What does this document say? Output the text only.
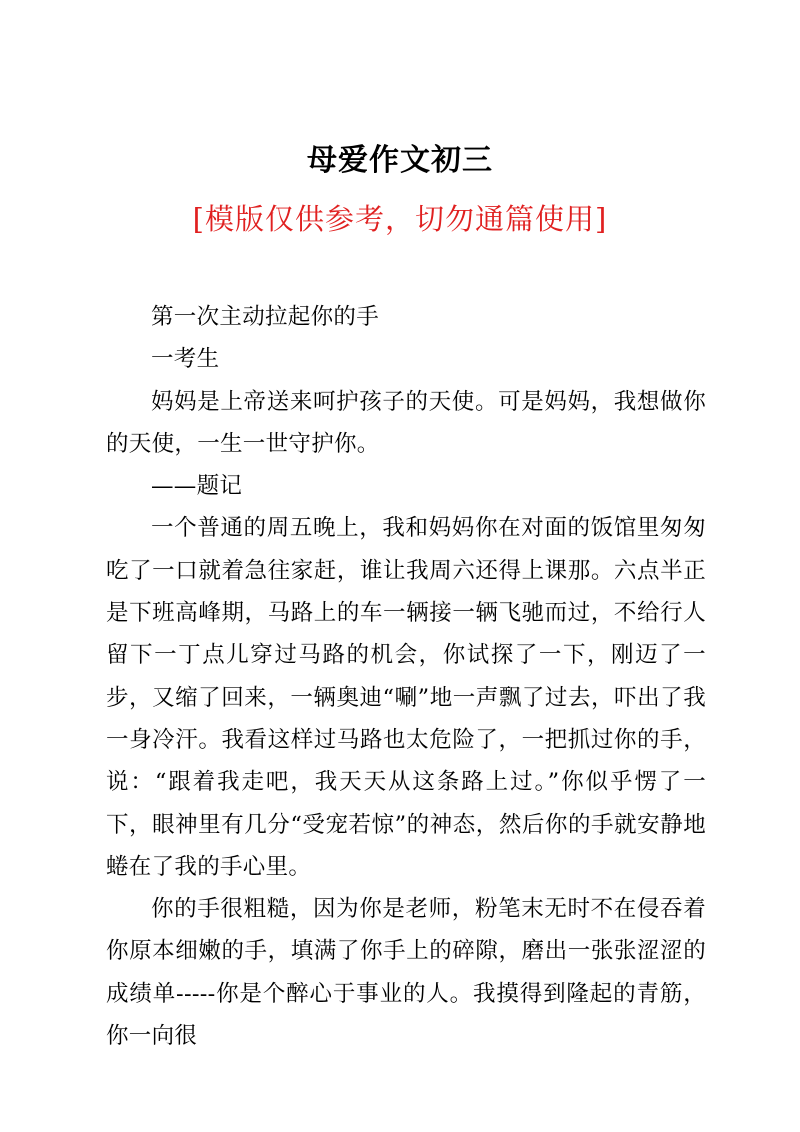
母爱作文初三
[模版仅供参考，切勿通篇使用]

第一次主动拉起你的手

一考生

妈妈是上帝送来呵护孩子的天使。可是妈妈，我想做你的天使，一生一世守护你。

——题记

一个普通的周五晚上，我和妈妈你在对面的饭馆里匆匆吃了一口就着急往家赶，谁让我周六还得上课那。六点半正是下班高峰期，马路上的车一辆接一辆飞驰而过，不给行人留下一丁点儿穿过马路的机会，你试探了一下，刚迈了一步，又缩了回来，一辆奥迪“唰”地一声飘了过去，吓出了我一身冷汗。我看这样过马路也太危险了，一把抓过你的手，说：“跟着我走吧，我天天从这条路上过。”你似乎愣了一下，眼神里有几分“受宠若惊”的神态，然后你的手就安静地蜷在了我的手心里。

你的手很粗糙，因为你是老师，粉笔末无时不在侵吞着你原本细嫩的手，填满了你手上的碎隙，磨出一张张涩涩的成绩单-----你是个醉心于事业的人。我摸得到隆起的青筋，你一向很
